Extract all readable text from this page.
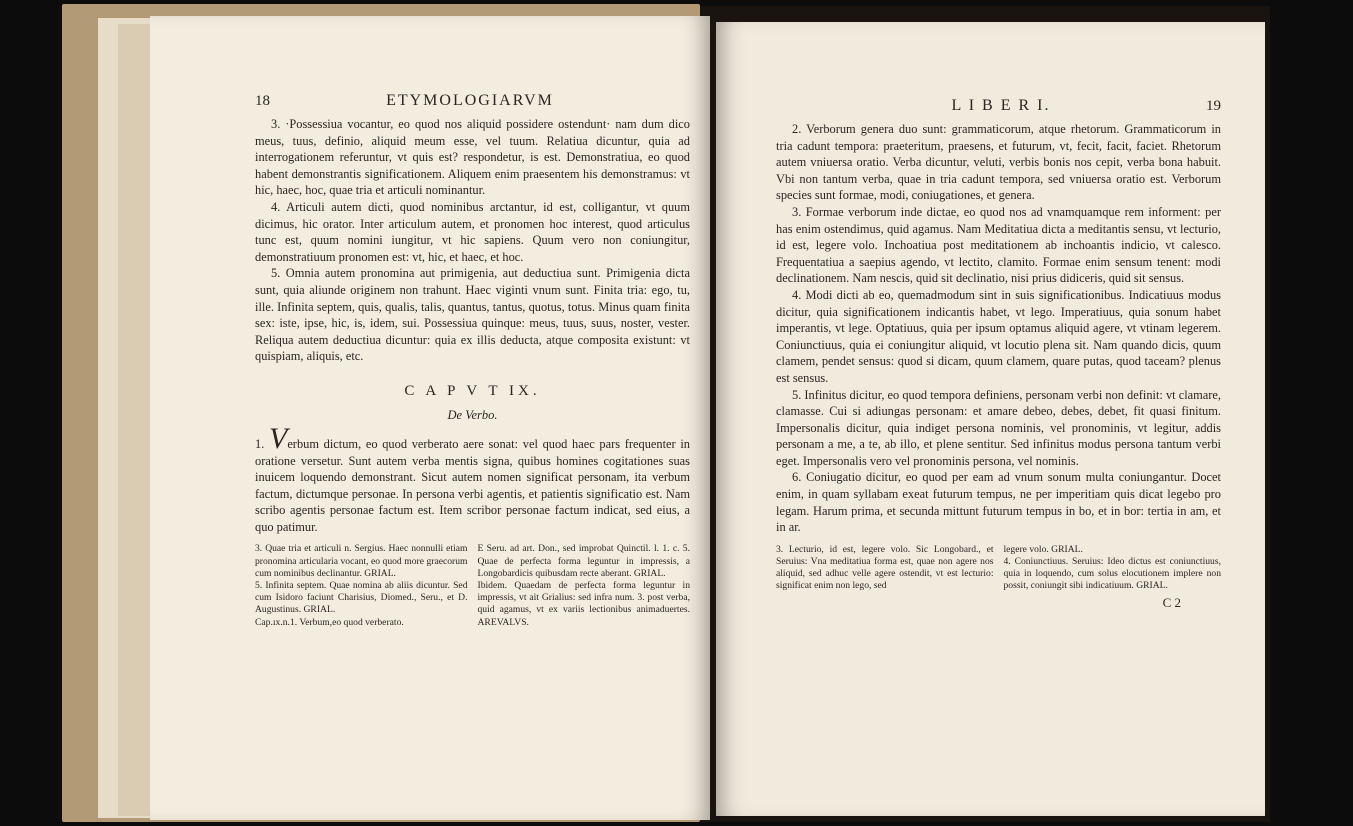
18	ETYMOLOGIARVM

3. ·Possessiua vocantur, eo quod nos aliquid possidere ostendunt· nam dum dico meus, tuus, definio, aliquid meum esse, vel tuum. Relatiua dicuntur, quia ad interrogationem referuntur, vt quis est? respondetur, is est. Demonstratiua, eo quod habent demonstrantis significationem. Aliquem enim praesentem his demonstramus: vt hic, haec, hoc, quae tria et articuli nominantur.

4. Articuli autem dicti, quod nominibus arctantur, id est, colligantur, vt quum dicimus, hic orator. Inter articulum autem, et pronomen hoc interest, quod articulus tunc est, quum nomini iungitur, vt hic sapiens. Quum vero non coniungitur, demonstratiuum pronomen est: vt, hic, et haec, et hoc.

5. Omnia autem pronomina aut primigenia, aut deductiua sunt. Primigenia dicta sunt, quia aliunde originem non trahunt. Haec viginti vnum sunt. Finita tria: ego, tu, ille. Infinita septem, quis, qualis, talis, quantus, tantus, quotus, totus. Minus quam finita sex: iste, ipse, hic, is, idem, sui. Possessiua quinque: meus, tuus, suus, noster, vester. Reliqua autem deductiua dicuntur: quia ex illis deducta, atque composita existunt: vt quispiam, aliquis, etc.

C A P V T IX.
De Verbo.

1. Verbum dictum, eo quod verberato aere sonat: vel quod haec pars frequenter in oratione versetur. Sunt autem verba mentis signa, quibus homines cogitationes suas inuicem loquendo demonstrant. Sicut autem nomen significat personam, ita verbum factum, dictumque personae. In persona verbi agentis, et patientis significatio est. Nam scribo agentis personae factum est. Item scribor personae factum indicat, sed eius, a quo patimur.

3. Quae tria et articuli n. Sergius. Haec nonnulli etiam pronomina articularia vocant, eo quod more graecorum cum nominibus declinantur. GRIAL.
5. Infinita septem. Quae nomina ab aliis dicuntur. Sed cum Isidoro faciunt Charisius, Diomed., Seru., et D. Augustinus. GRIAL.
Cap.ıx.n.1. Verbum,eo quod verberato.
E Seru. ad art. Don., sed improbat Quinctil. l. 1. c. 5. Quae de perfecta forma leguntur in impressis, a Longobardicis quibusdam recte aberant. GRIAL.
Ibidem. Quaedam de perfecta forma leguntur in impressis, vt ait Grialius: sed infra num. 3. post verba, quid agamus, vt ex variis lectionibus animaduertes. AREVALVS.
L I B E R I.	19

2. Verborum genera duo sunt: grammaticorum, atque rhetorum. Grammaticorum in tria cadunt tempora: praeteritum, praesens, et futurum, vt, fecit, facit, faciet. Rhetorum autem vniuersa oratio. Verba dicuntur, veluti, verbis bonis nos cepit, verba bona habuit. Vbi non tantum verba, quae in tria cadunt tempora, sed vniuersa oratio est. Verborum species sunt formae, modi, coniugationes, et genera.

3. Formae verborum inde dictae, eo quod nos ad vnamquamque rem informent: per has enim ostendimus, quid agamus. Nam Meditatiua dicta a meditantis sensu, vt lecturio, id est, legere volo. Inchoatiua post meditationem ab inchoantis indicio, vt calesco. Frequentatiua a saepius agendo, vt lectito, clamito. Formae enim sensum tenent: modi declinationem. Nam nescis, quid sit declinatio, nisi prius didiceris, quid sit sensus.

4. Modi dicti ab eo, quemadmodum sint in suis significationibus. Indicatiuus modus dicitur, quia significationem indicantis habet, vt lego. Imperatiuus, quia sonum habet imperantis, vt lege. Optatiuus, quia per ipsum optamus aliquid agere, vt vtinam legerem. Coniunctiuus, quia ei coniungitur aliquid, vt locutio plena sit. Nam quando dicis, quum clamem, pendet sensus: quod si dicam, quum clamem, quare putas, quod taceam? plenus est sensus.

5. Infinitus dicitur, eo quod tempora definiens, personam verbi non definit: vt clamare, clamasse. Cui si adiungas personam: et amare debeo, debes, debet, fit quasi finitum. Impersonalis dicitur, quia indiget persona nominis, vel pronominis, vt legitur, addis personam a me, a te, ab illo, et plene sentitur. Sed infinitus modus persona tantum verbi eget. Impersonalis vero vel pronominis persona, vel nominis.

6. Coniugatio dicitur, eo quod per eam ad vnum sonum multa coniungantur. Docet enim, in quam syllabam exeat futurum tempus, ne per imperitiam quis dicat legebo pro legam. Harum prima, et secunda mittunt futurum tempus in bo, et in bor: tertia in am, et in ar.

3. Lecturio, id est, legere volo. Sic Longobard., et Seruius: Vna meditatiua forma est, quae non agere nos aliquid, sed adhuc velle agere ostendit, vt est lecturio: significat enim non lego, sed
legere volo. GRIAL.
4. Coniunctiuus. Seruius: Ideo dictus est coniunctiuus, quia in loquendo, cum solus elocutionem implere non possit, coniungit sibi indicatiuum. GRIAL.
C 2
